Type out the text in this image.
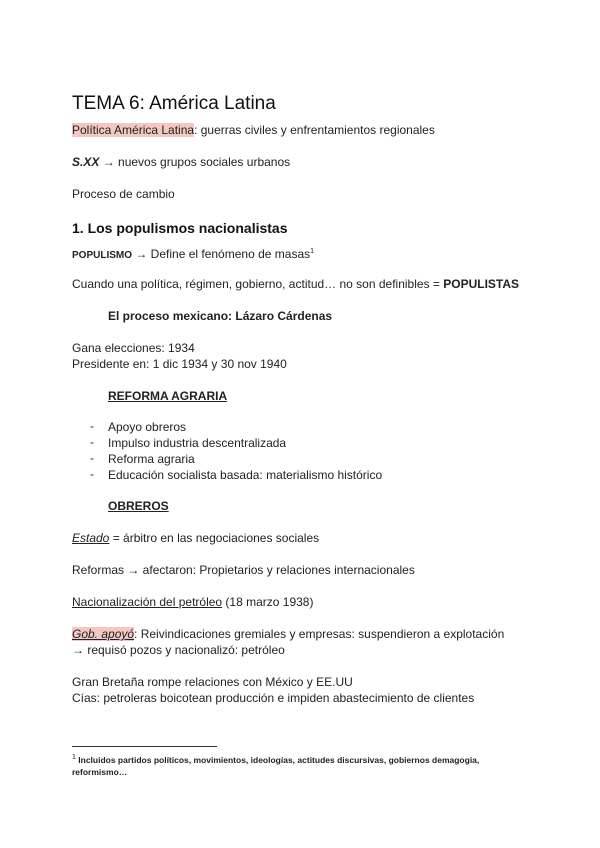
TEMA 6: América Latina
Política América Latina: guerras civiles y enfrentamientos regionales
S.XX → nuevos grupos sociales urbanos
Proceso de cambio
1. Los populismos nacionalistas
POPULISMO → Define el fenómeno de masas$^1$
Cuando una política, régimen, gobierno, actitud… no son definibles = POPULISTAS
El proceso mexicano: Lázaro Cárdenas
Gana elecciones: 1934
Presidente en: 1 dic 1934 y 30 nov 1940
REFORMA AGRARIA
- Apoyo obreros
- Impulso industria descentralizada
- Reforma agraria
- Educación socialista basada: materialismo histórico
OBREROS
Estado = árbitro en las negociaciones sociales
Reformas → afectaron: Propietarios y relaciones internacionales
Nacionalización del petróleo (18 marzo 1938)
Gob. apoyó: Reivindicaciones gremiales y empresas: suspendieron a explotación
→ requisó pozos y nacionalizó: petróleo
Gran Bretaña rompe relaciones con México y EE.UU
Cías: petroleras boicotean producción e impiden abastecimiento de clientes
$^1$ Incluidos partidos políticos, movimientos, ideologías, actitudes discursivas, gobiernos demagogia, reformismo…
